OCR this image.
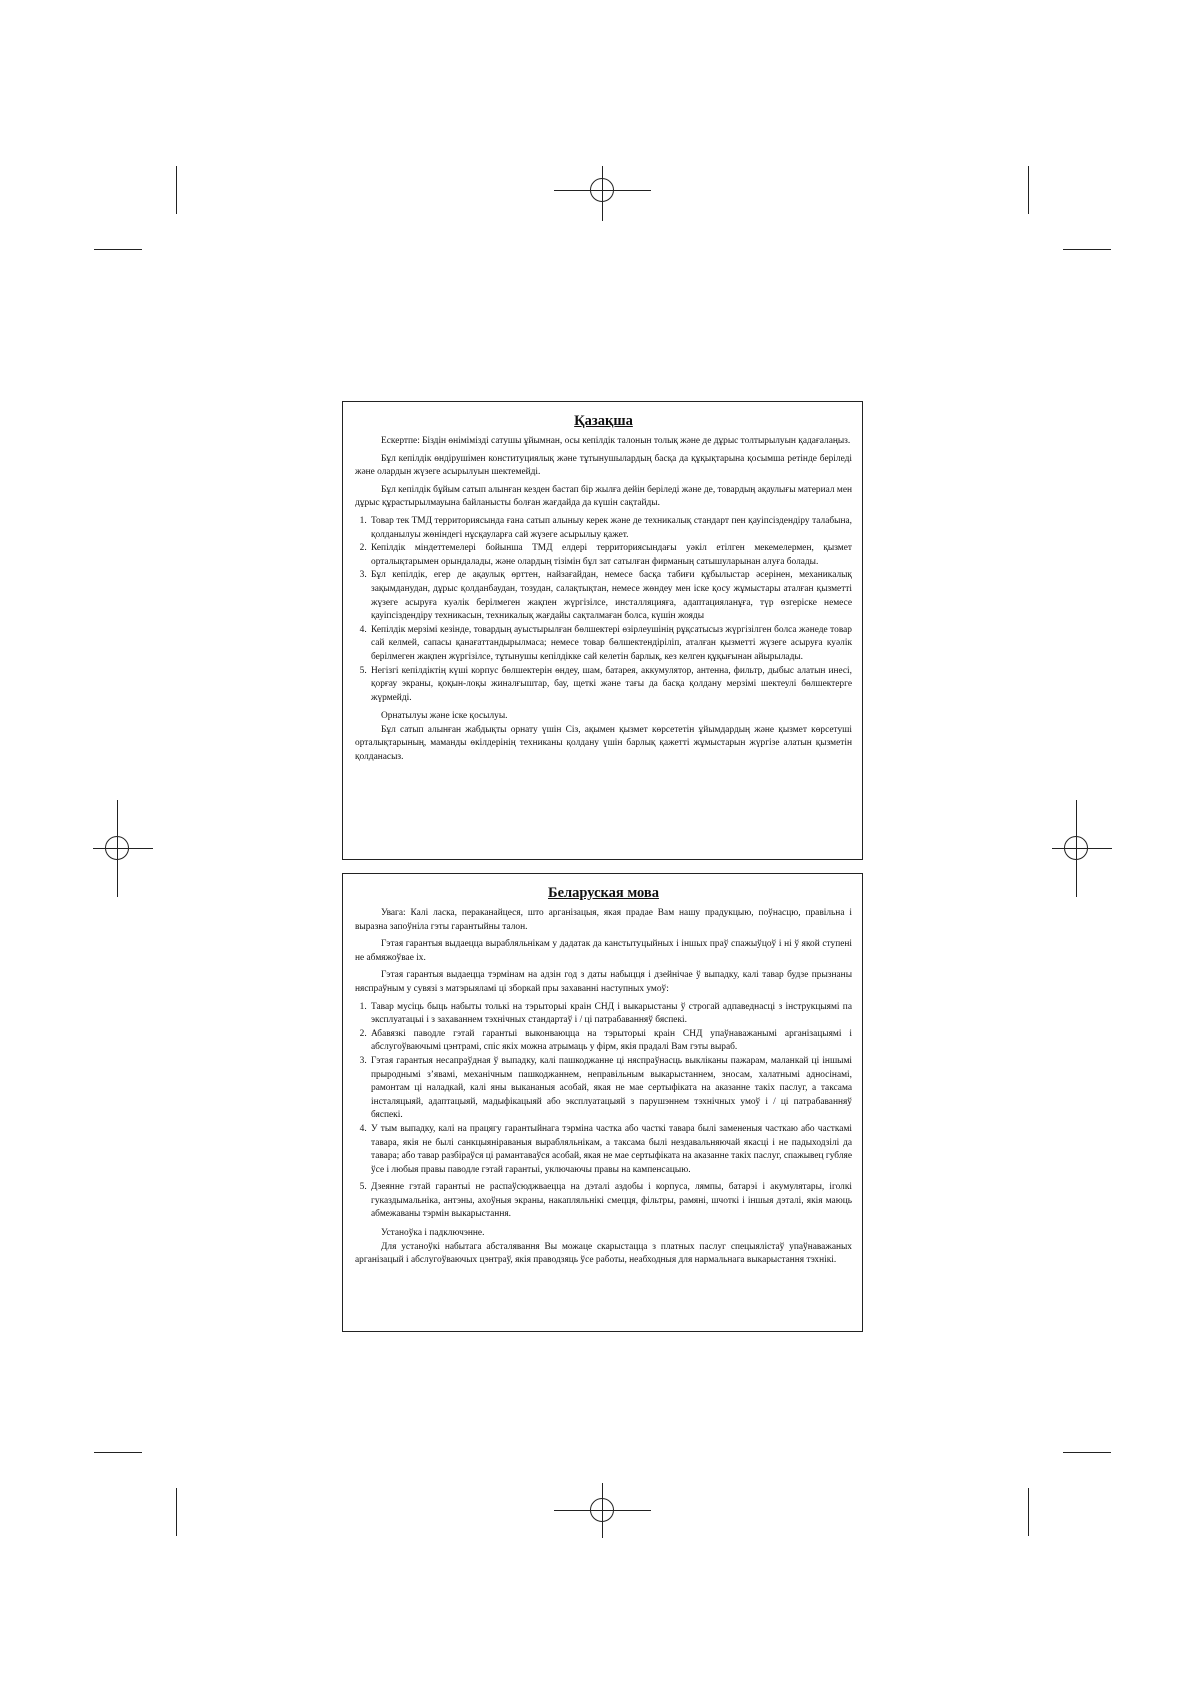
Қазақша

Ескертпе: Біздін өніміміздi сатушы ұйымнан, осы кепiлдiк талонын толық және де дұрыс толтырылуын қадағалаңыз.

Бұл кепiлдiк өндiрушiмен конституциялық және тұтынушылардың басқа да құқықтарына қосымша ретiнде берiледi және олардын жүзеге асырылуын шектемейдi.

Бұл кепiлдiк бұйым сатып алынған кезден бастап бiр жылға дейiн берiледi және де, товардың ақаулығы материал мен дұрыс құрастырылмауына байланысты болған жағдайда да күшiн сақтайды.

1. Товар тек ТМД территориясында ғана сатып алыныу керек және де техникалық стандарт пен қауiпсiздендiру талабына, қолданылуы жөнiндегi нұсқауларға сай жүзеге асырылыу қажет.
2. Кепiлдiк мiндеттемелерi бойынша ТМД елдерi территориясындағы уәкiл етiлген мекемелермен, қызмет орталықтарымен орындалады, және олардың тiзiмiн бұл зат сатылған фирманың сатышуларынан алуға болады.
3. Бұл кепiлдiк, егер де ақаулық өрттен, найзағайдан, немесе басқа табиғи құбылыстар әсерiнен, механикалық зақымданудан, дұрыс қолданбаудан, тозудан, салақтықтан, немесе жөндеу мен iске қосу жұмыстары аталған қызметтi жүзеге асыруға куәлiк берiлмеген жақпен жүргiзiлсе, инсталляцияға, адаптацияланұға, түр өзгерiске немесе қауiпсiздендiру техникасын, техникалық жағдайы сақталмаған болса, күшiн жояды
4. Кепiлдiк мерзiмi кезiнде, товардың ауыстырылған бөлшектерi өзiрлеушiнiң рұқсатысыз жүргiзiлген болса жәнеде товар сай келмей, сапасы қанағаттандырылмаса; немесе товар бөлшектендiрiлiп, аталған қызметтi жүзеге асыруға куәлiк берiлмеген жақпен жүргiзiлсе, тұтынушы кепiлдiкке сай келетiн барлық, кез келген құқығынан айырылады.
5. Негiзгi кепiлдiктiң күшi корпус бөлшектерiн өндеу, шам, батарея, аккумулятор, антенна, фильтр, дыбыс алатын инесi, қорғау экраны, қоқын-лоқы жиналғыштар, бау, щеткi және тағы да басқа қолдану мерзiмi шектеулi бөлшектерге жүрмейдi.

Орнатылуы және iске қосылуы.

Бұл сатып алынған жабдықты орнату үшiн Сiз, ақымен қызмет көрсететiн ұйымдардың және қызмет көрсетушi орталықтарының, маманды өкiлдерiнiң техниканы қолдану үшiн барлық қажеттi жұмыстарын жүргiзе алатын қызметiн қолданасыз.

Беларуская мова

Увага: Калі ласка, пераканайцеся, што арганізацыя, якая прадае Вам нашу прадукцыю, поўнасцю, правільна і выразна запоўніла гэты гарантыйны талон.

Гэтая гарантыя выдаецца вырабляльнікам у дадатак да канстытуцыйных і іншых праў спажыўцоў і ні ў якой ступені не абмяжоўвае іх.

Гэтая гарантыя выдаецца тэрмінам на адзін год з даты набыцця і дзейнічае ў выпадку, калі тавар будзе прызнаны няспраўным у сувязі з матэрыяламі ці зборкай пры захаванні наступных умоў:

1. Тавар мусіць быць набыты толькі на тэрыторыі краін СНД і выкарыстаны ў строгай адпаведнасці з інструкцыямі па эксплуатацыі і з захаваннем тэхнічных стандартаў і / ці патрабаванняў бяспекі.
2. Абавязкі паводле гэтай гарантыі выконваюцца на тэрыторыі краін СНД упаўнаважанымі арганізацыямі і абслугоўваючымі цэнтрамі, спіс якіх можна атрымаць у фірм, якія прадалі Вам гэты выраб.
3. Гэтая гарантыя несапраўдная ў выпадку, калі пашкоджанне ці няспраўнасць выкліканы пажарам, маланкай ці іншымі прыроднымі з’явамі, механічным пашкоджаннем, неправільным выкарыстаннем, зносам, халатнымі адносінамі, рамонтам ці наладкай, калі яны выкананыя асобай, якая не мае сертыфіката на аказанне такіх паслуг, а таксама інсталяцыяй, адаптацыяй, мадыфікацыяй або эксплуатацыяй з парушэннем тэхнічных умоў і / ці патрабаванняў бяспекі.
4. У тым выпадку, калі на працягу гарантыйнага тэрміна частка або часткі тавара былі замененыя часткаю або часткамі тавара, якія не былі санкцыяніраваныя вырабляльнікам, а таксама былі нездавальняючай якасці і не падыходзілі да тавара; або тавар разбіраўся ці рамантаваўся асобай, якая не мае сертыфіката на аказанне такіх паслуг, спажывец губляе ўсе і любыя правы паводле гэтай гарантыі, уключаючы правы на кампенсацыю.
5. Дзеянне гэтай гарантыі не распаўсюджваецца на дэталі аздобы і корпуса, лямпы, батарэі і акумулятары, іголкі гуказдымальніка, антэны, ахоўныя экраны, накапляльнікі смецця, фільтры, рамяні, шчоткі і іншыя дэталі, якія маюць абмежаваны тэрмін выкарыстання.

Устаноўка і падключэнне.

Для устаноўкі набытага абсталявання Вы можаце скарыстацца з платных паслуг спецыялістаў упаўнаважаных арганізацый і абслугоўваючых цэнтраў, якія праводзяць ўсе работы, неабходныя для нармальнага выкарыстання тэхнікі.
